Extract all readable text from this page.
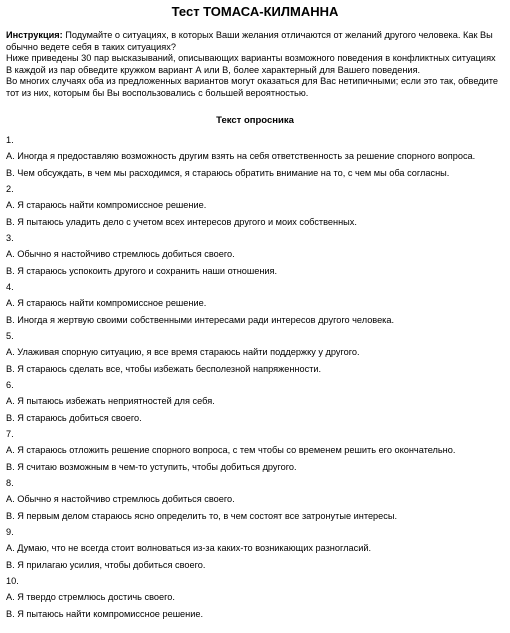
Тест ТОМАСА-КИЛМАННА

Инструкция: Подумайте о ситуациях, в которых Ваши желания отличаются от желаний другого человека. Как Вы обычно ведете себя в таких ситуациях?

Ниже приведены 30 пар высказываний, описывающих варианты возможного поведения в конфликтных ситуациях В каждой из пар обведите кружком вариант А или В, более характерный для Вашего поведения.

Во многих случаях оба из предложенных вариантов могут оказаться для Вас нетипичными; если это так, обведите тот из них, которым бы Вы воспользовались с большей вероятностью.

Текст опросника
1.
А. Иногда я предоставляю возможность другим взять на себя ответственность за решение спорного вопроса.
В. Чем обсуждать, в чем мы расходимся, я стараюсь обратить внимание на то, с чем мы оба согласны.
2.
А. Я стараюсь найти компромиссное решение.
В. Я пытаюсь уладить дело с учетом всех интересов другого и моих собственных.
3.
А. Обычно я настойчиво стремлюсь добиться своего.
В. Я стараюсь успокоить другого и сохранить наши отношения.
4.
А. Я стараюсь найти компромиссное решение.
В. Иногда я жертвую своими собственными интересами ради интересов другого человека.
5.
А. Улаживая спорную ситуацию, я все время стараюсь найти поддержку у другого.
В. Я стараюсь сделать все, чтобы избежать бесполезной напряженности.
6.
А. Я пытаюсь избежать неприятностей для себя.
В. Я стараюсь добиться своего.
7.
А. Я стараюсь отложить решение спорного вопроса, с тем чтобы со временем решить его окончательно.
В. Я считаю возможным в чем-то уступить, чтобы добиться другого.
8.
А. Обычно я настойчиво стремлюсь добиться своего.
В. Я первым делом стараюсь ясно определить то, в чем состоят все затронутые интересы.
9.
А. Думаю, что не всегда стоит волноваться из-за каких-то возникающих разногласий.
В. Я прилагаю усилия, чтобы добиться своего.
10.
А. Я твердо стремлюсь достичь своего.
В. Я пытаюсь найти компромиссное решение.
